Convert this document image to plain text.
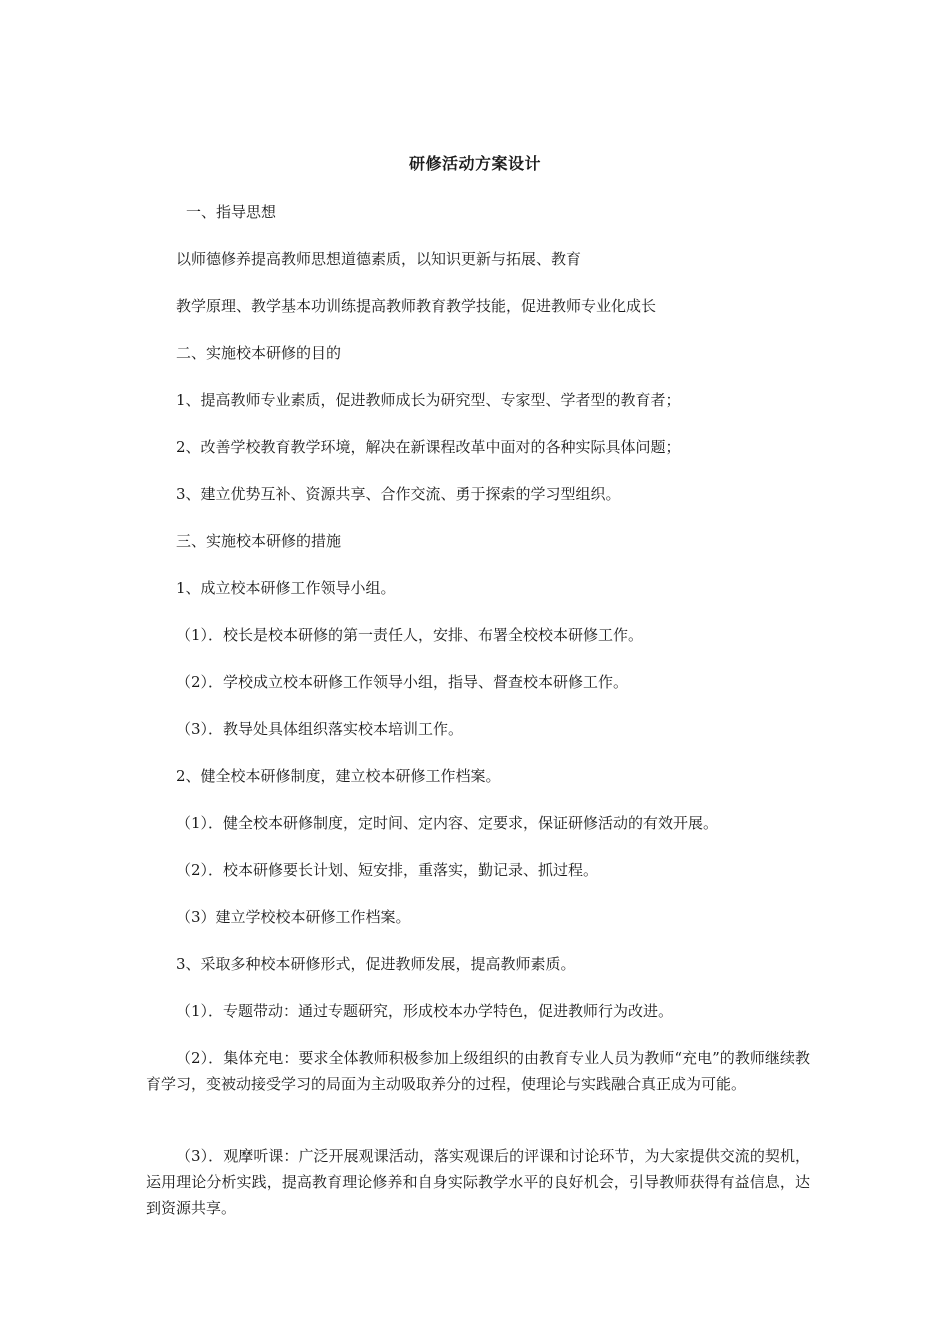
研修活动方案设计
一、指导思想
以师德修养提高教师思想道德素质，以知识更新与拓展、教育
教学原理、教学基本功训练提高教师教育教学技能，促进教师专业化成长
二、实施校本研修的目的
1、提高教师专业素质，促进教师成长为研究型、专家型、学者型的教育者；
2、改善学校教育教学环境，解决在新课程改革中面对的各种实际具体问题；
3、建立优势互补、资源共享、合作交流、勇于探索的学习型组织。
三、实施校本研修的措施
1、成立校本研修工作领导小组。
（1）．校长是校本研修的第一责任人，安排、布署全校校本研修工作。
（2）．学校成立校本研修工作领导小组，指导、督查校本研修工作。
（3）．教导处具体组织落实校本培训工作。
2、健全校本研修制度，建立校本研修工作档案。
（1）．健全校本研修制度，定时间、定内容、定要求，保证研修活动的有效开展。
（2）．校本研修要长计划、短安排，重落实，勤记录、抓过程。
（3）建立学校校本研修工作档案。
3、采取多种校本研修形式，促进教师发展，提高教师素质。
（1）．专题带动：通过专题研究，形成校本办学特色，促进教师行为改进。
（2）．集体充电：要求全体教师积极参加上级组织的由教育专业人员为教师“充电”的教师继续教育学习，变被动接受学习的局面为主动吸取养分的过程，使理论与实践融合真正成为可能。
（3）．观摩听课：广泛开展观课活动，落实观课后的评课和讨论环节，为大家提供交流的契机，运用理论分析实践，提高教育理论修养和自身实际教学水平的良好机会，引导教师获得有益信息，达到资源共享。
